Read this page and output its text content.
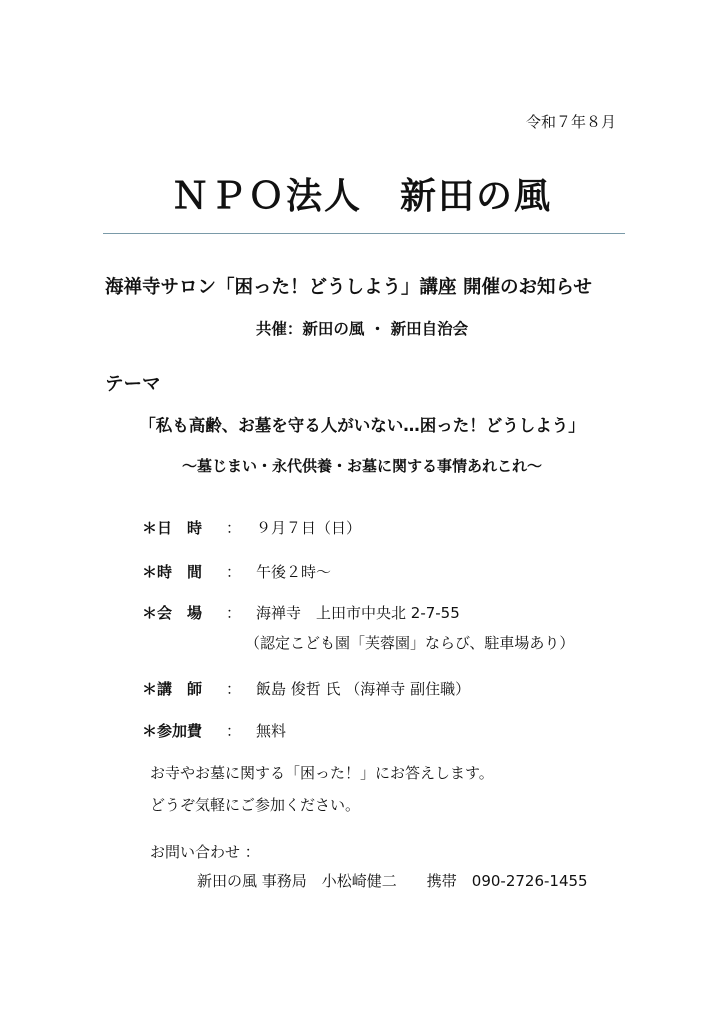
令和７年８月
ＮＰＯ法人　新田の風
海禅寺サロン「困った！どうしよう」講座 開催のお知らせ
共催：新田の風 ・ 新田自治会
テーマ
「私も高齢、お墓を守る人がいない…困った！どうしよう」
～墓じまい・永代供養・お墓に関する事情あれこれ～
＊日　時	： ９月７日（日）
＊時　間	： 午後２時～
＊会　場	： 海禅寺　上田市中央北 2-7-55
（認定こども園「芙蓉園」ならび、駐車場あり）
＊講　師	： 飯島 俊哲 氏 （海禅寺 副住職）
＊参加費	： 無料
お寺やお墓に関する「困った！」にお答えします。
どうぞ気軽にご参加ください。
お問い合わせ ：
新田の風 事務局　小松崎健二　　携帯　090-2726-1455
